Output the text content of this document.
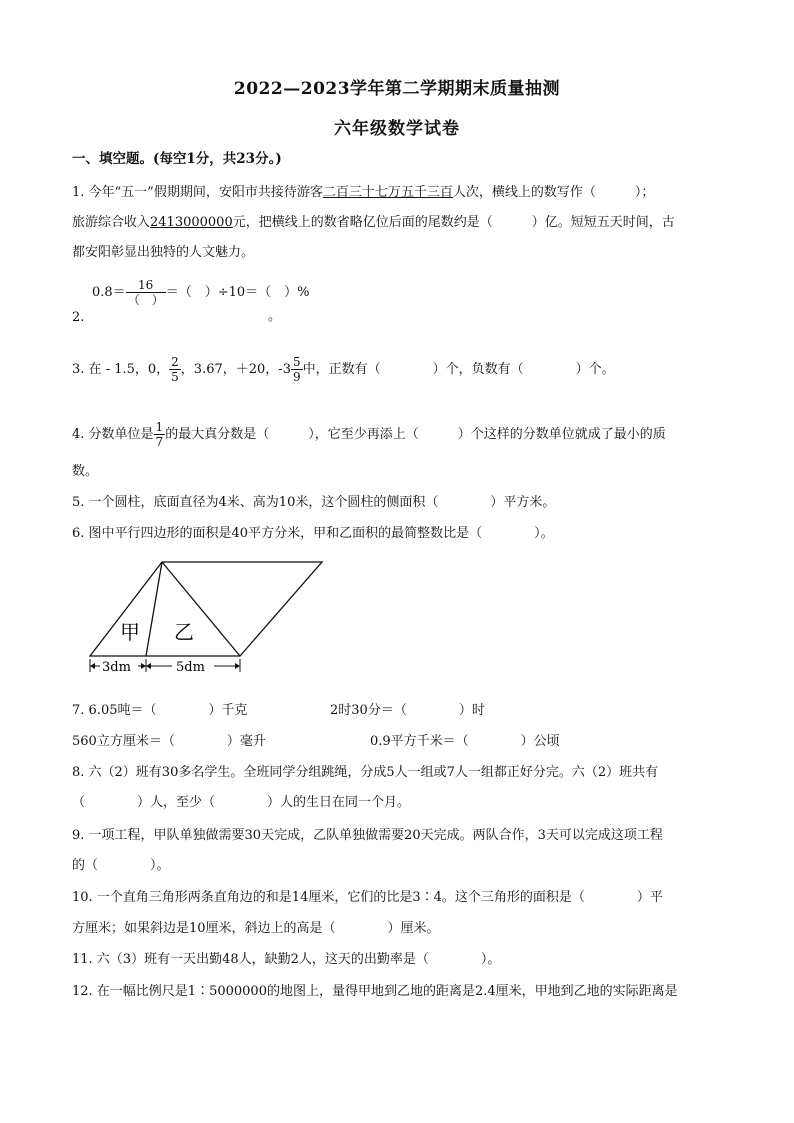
2022—2023学年第二学期期末质量抽测
六年级数学试卷
一、填空题。(每空1分，共23分。)
1. 今年“五一”假期期间，安阳市共接待游客二百三十七万五千三百人次，横线上的数写作（　　　）；
旅游综合收入2413000000元，把横线上的数省略亿位后面的尾数约是（　　　）亿。短短五天时间，古
都安阳彰显出独特的人文魅力。
$0.8= \frac{16}{( )}$ ＝（　）÷10＝（　）%
2.	。
3. 在 - 1.5，0， $\frac{2}{5}$ ，3.67，＋20，$-3 \frac{5}{9}$ 中，正数有（　　　　）个，负数有（　　　　）个。
4. 分数单位是 $\frac{1}{7}$ 的最大真分数是（　　　），它至少再添上（　　　）个这样的分数单位就成了最小的质
数。
5. 一个圆柱，底面直径为4米、高为10米，这个圆柱的侧面积（　　　　）平方米。
6. 图中平行四边形的面积是40平方分米，甲和乙面积的最简整数比是（　　　　）。
甲 乙
3dm	5dm
7. 6.05吨＝（　　　　）千克	2时30分＝（　　　　）时
560立方厘米＝（　　　　）毫升	0.9平方千米＝（　　　　）公顷
8. 六（2）班有30多名学生。全班同学分组跳绳，分成5人一组或7人一组都正好分完。六（2）班共有
（　　　　）人，至少（　　　　）人的生日在同一个月。
9. 一项工程，甲队单独做需要30天完成，乙队单独做需要20天完成。两队合作，3天可以完成这项工程
的（　　　　）。
10. 一个直角三角形两条直角边的和是14厘米，它们的比是3∶4。这个三角形的面积是（　　　　）平
方厘米；如果斜边是10厘米，斜边上的高是（　　　　）厘米。
11. 六（3）班有一天出勤48人，缺勤2人，这天的出勤率是（　　　　）。
12. 在一幅比例尺是1∶5000000的地图上，量得甲地到乙地的距离是2.4厘米，甲地到乙地的实际距离是
